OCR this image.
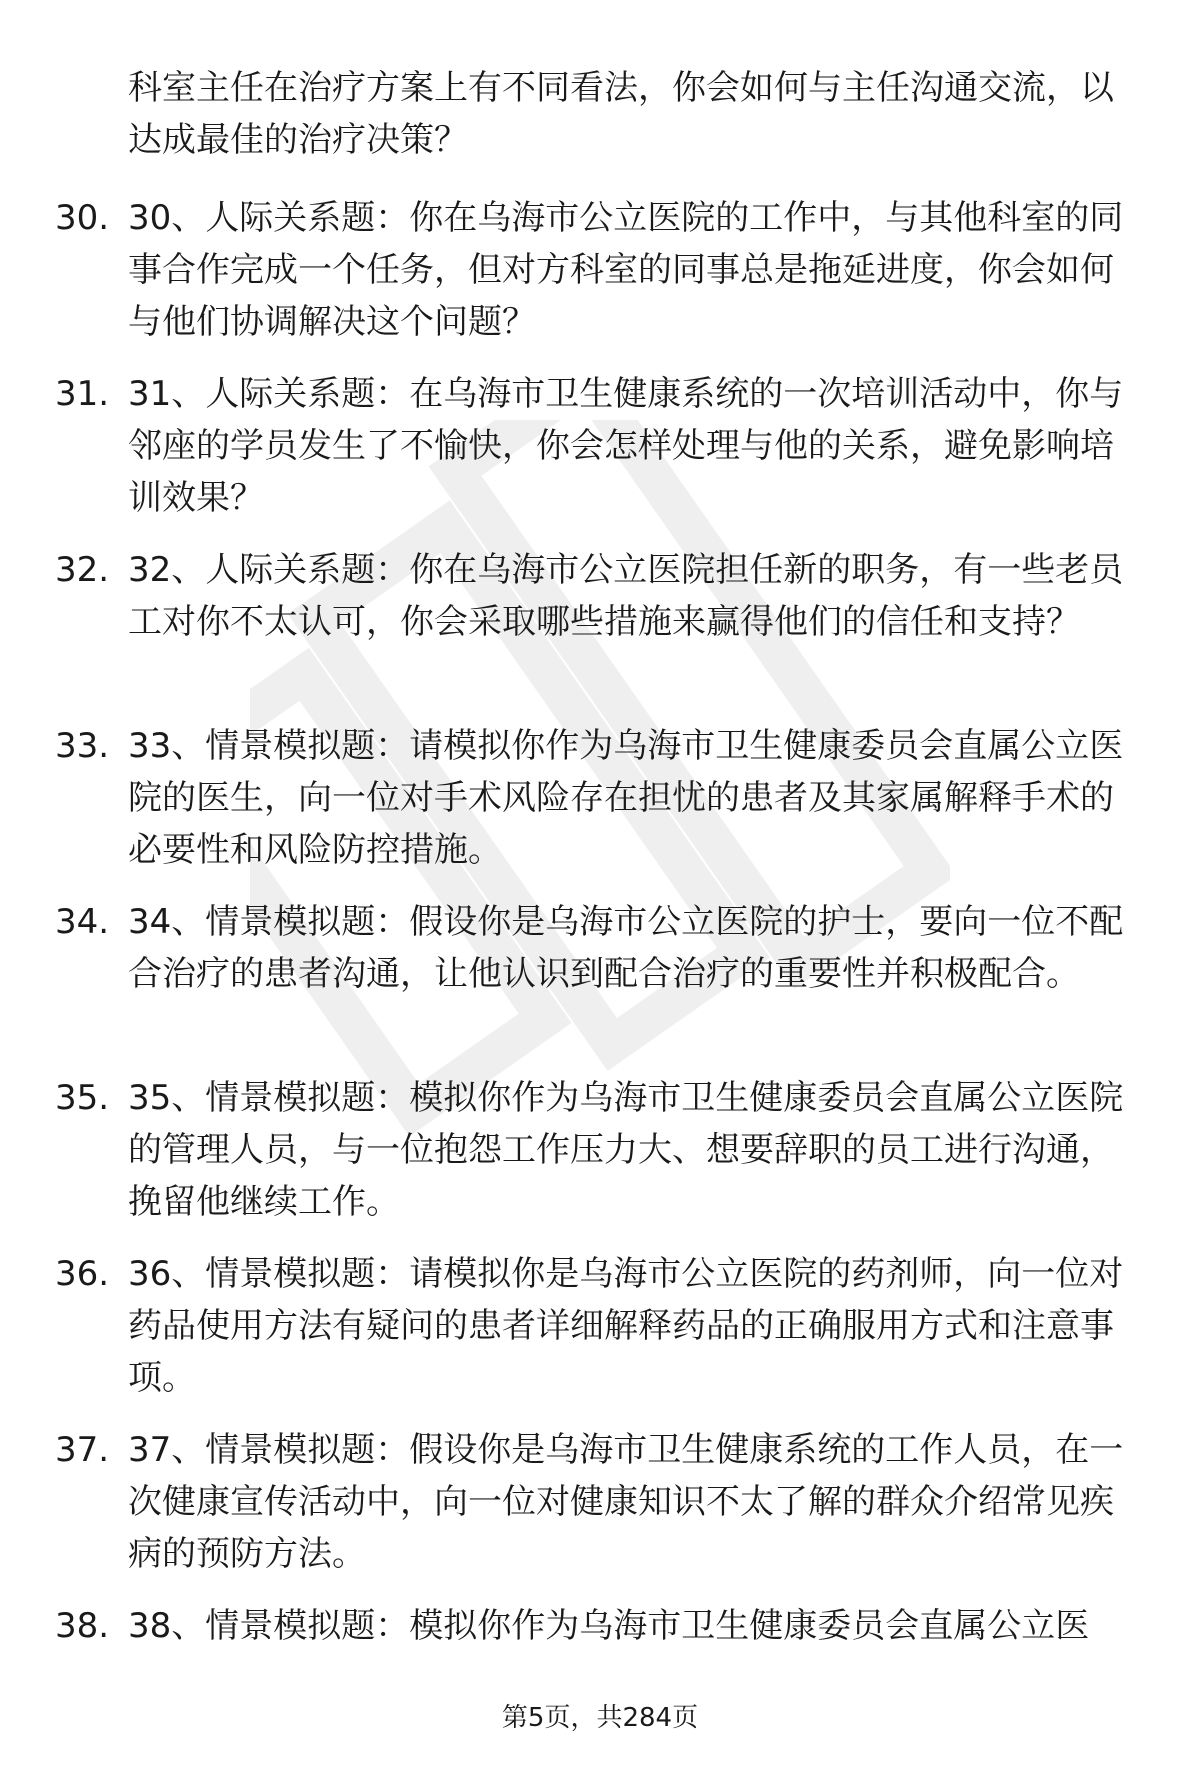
科室主任在治疗方案上有不同看法，你会如何与主任沟通交流，以达成最佳的治疗决策？

30. 30、人际关系题：你在乌海市公立医院的工作中，与其他科室的同事合作完成一个任务，但对方科室的同事总是拖延进度，你会如何与他们协调解决这个问题？

31. 31、人际关系题：在乌海市卫生健康系统的一次培训活动中，你与邻座的学员发生了不愉快，你会怎样处理与他的关系，避免影响培训效果？

32. 32、人际关系题：你在乌海市公立医院担任新的职务，有一些老员工对你不太认可，你会采取哪些措施来赢得他们的信任和支持？

33. 33、情景模拟题：请模拟你作为乌海市卫生健康委员会直属公立医院的医生，向一位对手术风险存在担忧的患者及其家属解释手术的必要性和风险防控措施。

34. 34、情景模拟题：假设你是乌海市公立医院的护士，要向一位不配合治疗的患者沟通，让他认识到配合治疗的重要性并积极配合。

35. 35、情景模拟题：模拟你作为乌海市卫生健康委员会直属公立医院的管理人员，与一位抱怨工作压力大、想要辞职的员工进行沟通，挽留他继续工作。

36. 36、情景模拟题：请模拟你是乌海市公立医院的药剂师，向一位对药品使用方法有疑问的患者详细解释药品的正确服用方式和注意事项。

37. 37、情景模拟题：假设你是乌海市卫生健康系统的工作人员，在一次健康宣传活动中，向一位对健康知识不太了解的群众介绍常见疾病的预防方法。

38. 38、情景模拟题：模拟你作为乌海市卫生健康委员会直属公立医

第5页，共284页
